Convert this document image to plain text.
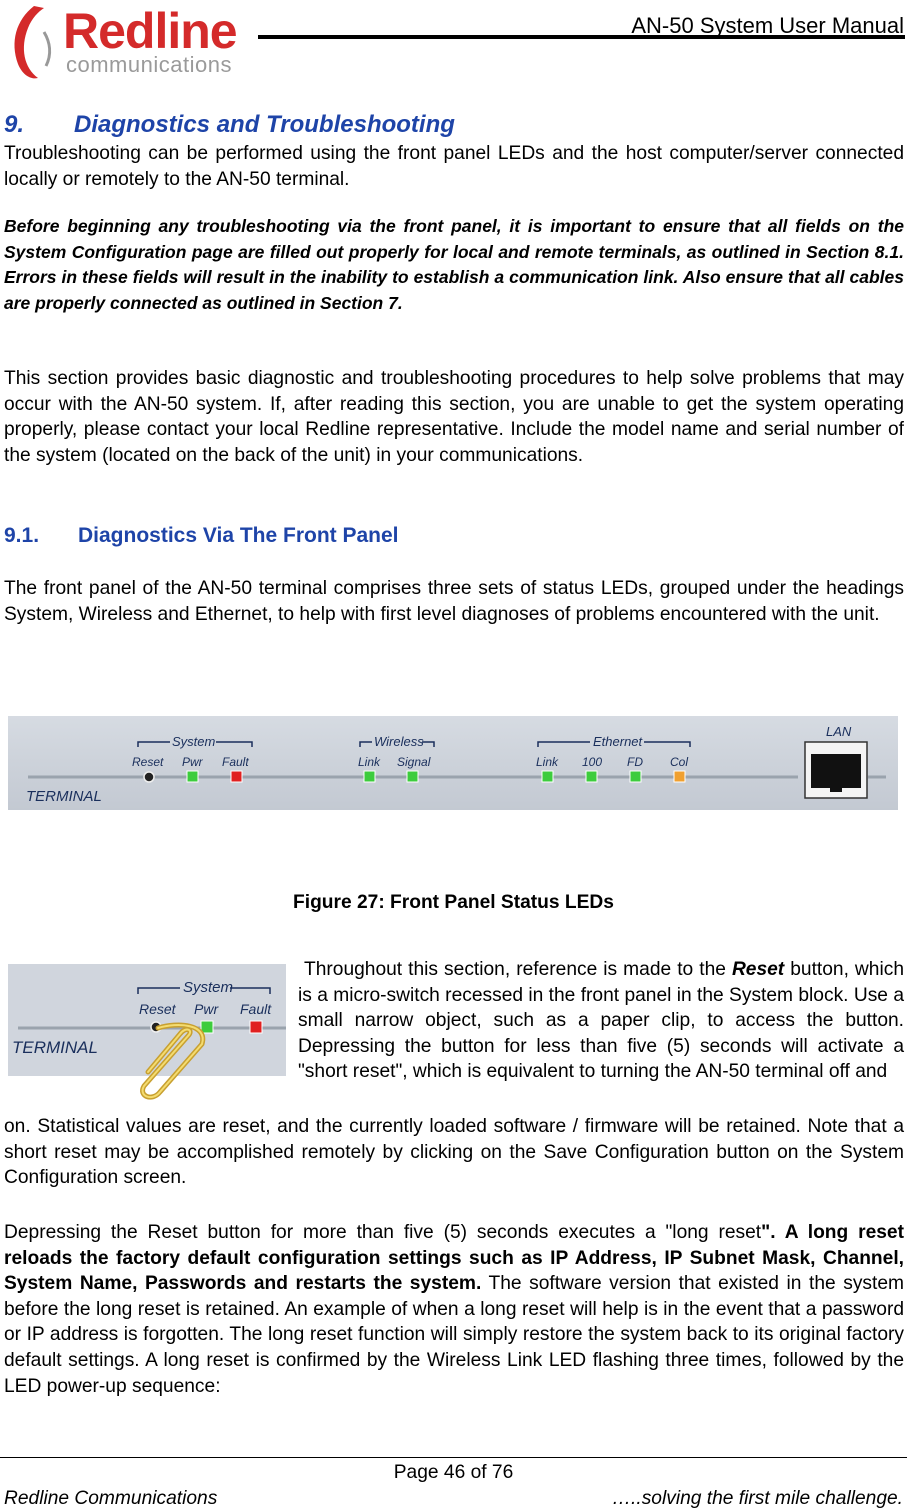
Redline
communications
AN-50 System User Manual
9. Diagnostics and Troubleshooting
Troubleshooting can be performed using the front panel LEDs and the host computer/server connected locally or remotely to the AN-50 terminal.
Before beginning any troubleshooting via the front panel, it is important to ensure that all fields on the System Configuration page are filled out properly for local and remote terminals, as outlined in Section 8.1. Errors in these fields will result in the inability to establish a communication link. Also ensure that all cables are properly connected as outlined in Section 7.
This section provides basic diagnostic and troubleshooting procedures to help solve problems that may occur with the AN-50 system. If, after reading this section, you are unable to get the system operating properly, please contact your local Redline representative. Include the model name and serial number of the system (located on the back of the unit) in your communications.
9.1. Diagnostics Via The Front Panel
The front panel of the AN-50 terminal comprises three sets of status LEDs, grouped under the headings System, Wireless and Ethernet, to help with first level diagnoses of problems encountered with the unit.
TERMINAL
System
Reset Pwr Fault
Wireless
Link Signal
Ethernet
Link 100 FD Col
LAN
Figure 27: Front Panel Status LEDs
TERMINAL
System
Reset Pwr Fault
Throughout this section, reference is made to the Reset button, which is a micro-switch recessed in the front panel in the System block. Use a small narrow object, such as a paper clip, to access the button. Depressing the button for less than five (5) seconds will activate a "short reset", which is equivalent to turning the AN-50 terminal off and
on. Statistical values are reset, and the currently loaded software / firmware will be retained. Note that a short reset may be accomplished remotely by clicking on the Save Configuration button on the System Configuration screen.
Depressing the Reset button for more than five (5) seconds executes a "long reset". A long reset reloads the factory default configuration settings such as IP Address, IP Subnet Mask, Channel, System Name, Passwords and restarts the system. The software version that existed in the system before the long reset is retained. An example of when a long reset will help is in the event that a password or IP address is forgotten. The long reset function will simply restore the system back to its original factory default settings. A long reset is confirmed by the Wireless Link LED flashing three times, followed by the LED power-up sequence:
Page 46 of 76
Redline Communications	…..solving the first mile challenge.
